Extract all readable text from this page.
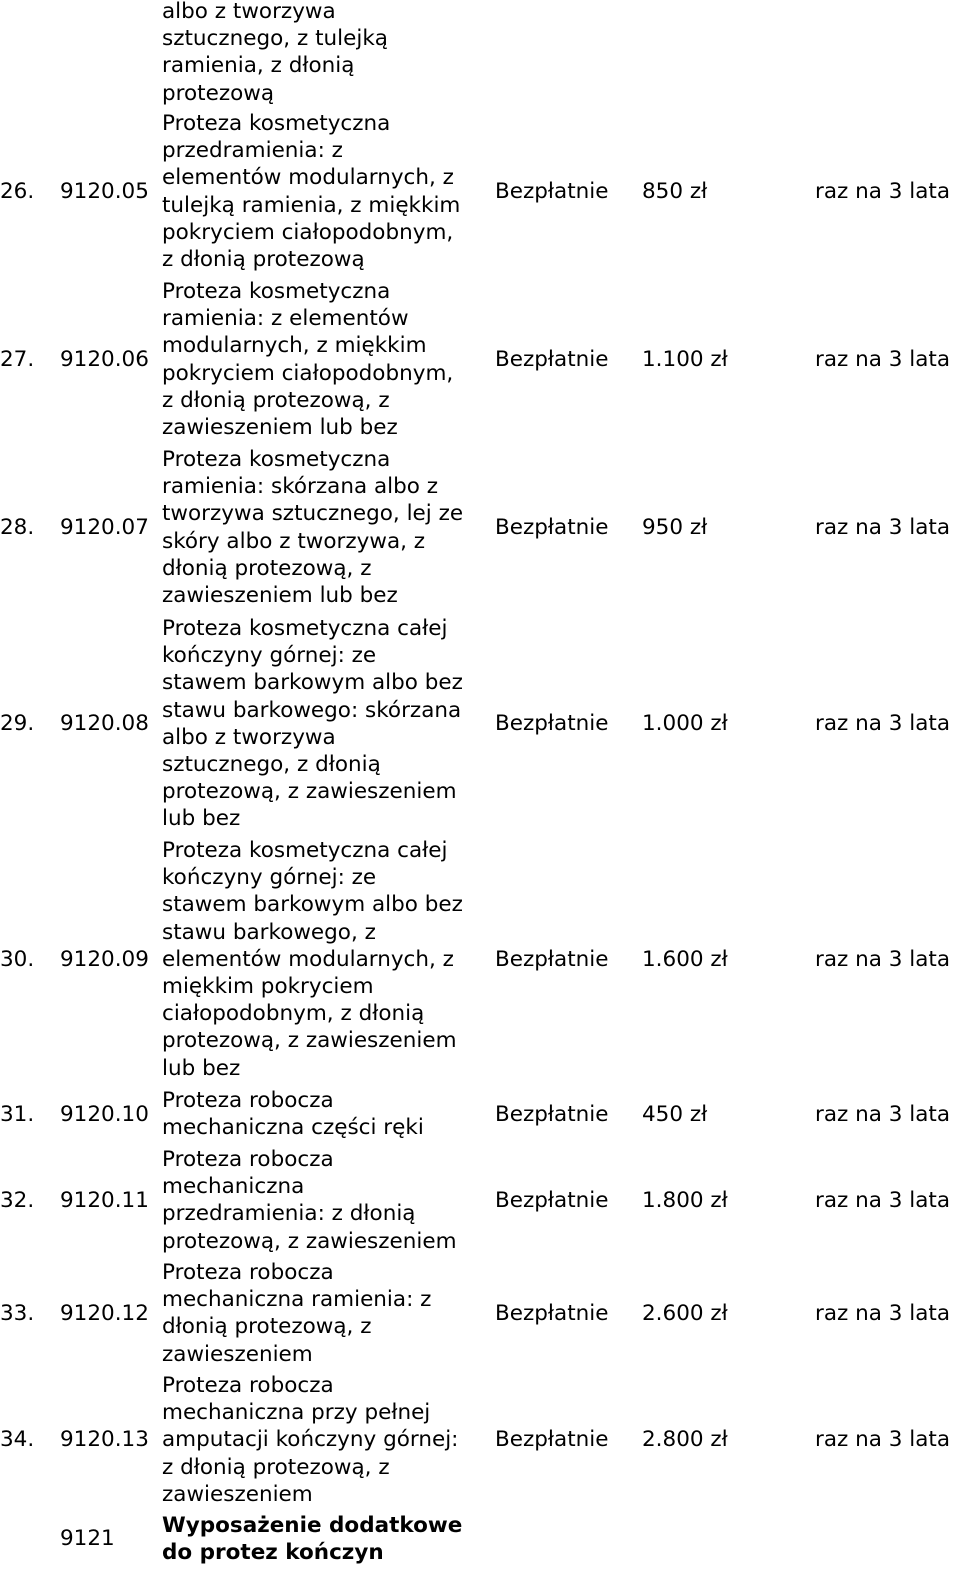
albo z tworzywa
sztucznego, z tulejką
ramienia, z dłonią
protezową
26. 9120.05
Proteza kosmetyczna
przedramienia: z
elementów modularnych, z
tulejką ramienia, z miękkim
pokryciem ciałopodobnym,
z dłonią protezową
Bezpłatnie 850 zł	raz na 3 lata
27. 9120.06
Proteza kosmetyczna
ramienia: z elementów
modularnych, z miękkim
pokryciem ciałopodobnym,
z dłonią protezową, z
zawieszeniem lub bez
Bezpłatnie 1.100 zł	raz na 3 lata
28. 9120.07
Proteza kosmetyczna
ramienia: skórzana albo z
tworzywa sztucznego, lej ze
skóry albo z tworzywa, z
dłonią protezową, z
zawieszeniem lub bez
Bezpłatnie 950 zł	raz na 3 lata
29. 9120.08
Proteza kosmetyczna całej
kończyny górnej: ze
stawem barkowym albo bez
stawu barkowego: skórzana
albo z tworzywa
sztucznego, z dłonią
protezową, z zawieszeniem
lub bez
Bezpłatnie 1.000 zł	raz na 3 lata
30. 9120.09
Proteza kosmetyczna całej
kończyny górnej: ze
stawem barkowym albo bez
stawu barkowego, z
elementów modularnych, z
miękkim pokryciem
ciałopodobnym, z dłonią
protezową, z zawieszeniem
lub bez
Bezpłatnie 1.600 zł	raz na 3 lata
31. 9120.10
Proteza robocza
mechaniczna części ręki
Bezpłatnie 450 zł	raz na 3 lata
32. 9120.11
Proteza robocza
mechaniczna
przedramienia: z dłonią
protezową, z zawieszeniem
Bezpłatnie 1.800 zł	raz na 3 lata
33. 9120.12
Proteza robocza
mechaniczna ramienia: z
dłonią protezową, z
zawieszeniem
Bezpłatnie 2.600 zł	raz na 3 lata
34. 9120.13
Proteza robocza
mechaniczna przy pełnej
amputacji kończyny górnej:
z dłonią protezową, z
zawieszeniem
Bezpłatnie 2.800 zł	raz na 3 lata
9121
Wyposażenie dodatkowe
do protez kończyn
